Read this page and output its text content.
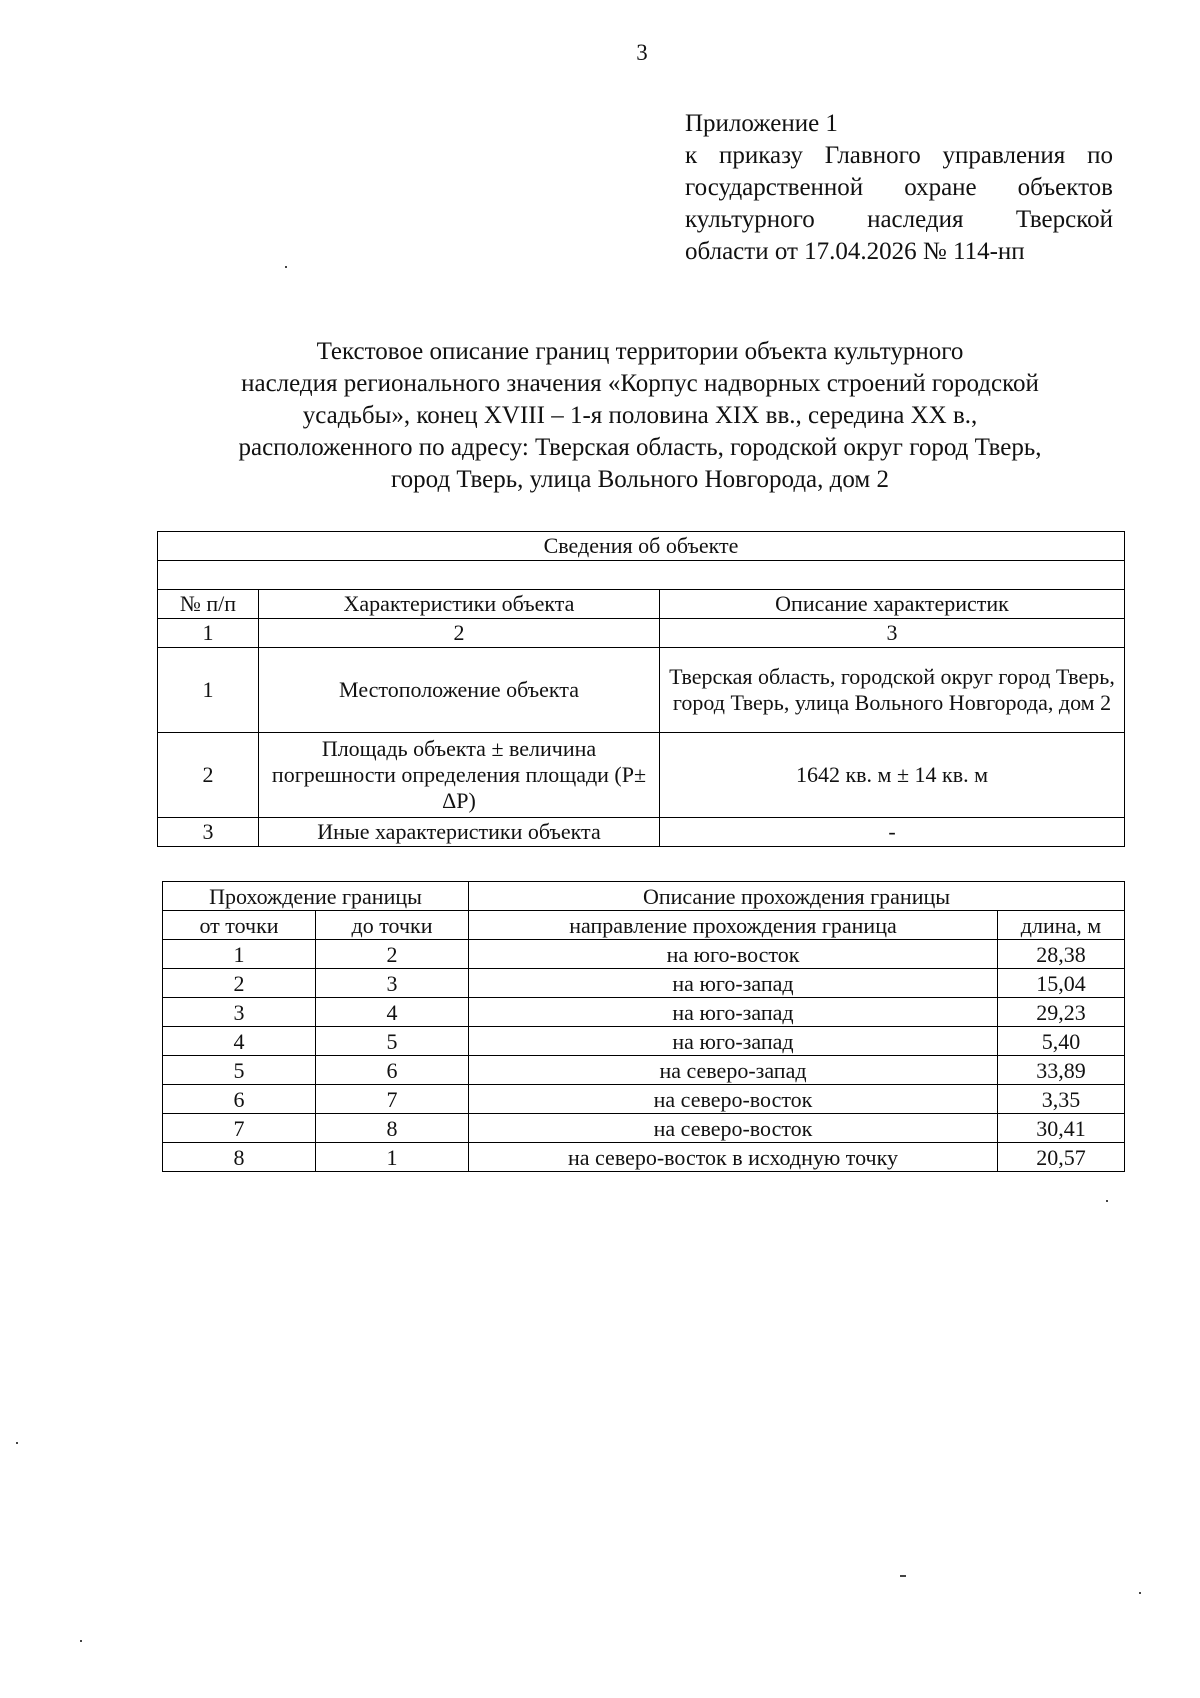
3
Приложение 1
к приказу Главного управления по
государственной охране объектов
культурного наследия Тверской
области от 17.04.2026 № 114-нп
Текстовое описание границ территории объекта культурного
наследия регионального значения «Корпус надворных строений городской
усадьбы», конец XVIII – 1-я половина XIX вв., середина XX в.,
расположенного по адресу: Тверская область, городской округ город Тверь,
город Тверь, улица Вольного Новгорода, дом 2
Сведения об объекте		

№ п/п	Характеристики объекта	Описание характеристик
1	2	3
1	Местоположение объекта	Тверская область, городской округ город Тверь, город Тверь, улица Вольного Новгорода, дом 2
2	Площадь объекта ± величина погрешности определения площади (P± ΔP)	1642 кв. м ± 14 кв. м
3	Иные характеристики объекта	-
Прохождение границы		Описание прохождения границы	
от точки	до точки	направление прохождения граница	длина, м
1	2	на юго-восток	28,38
2	3	на юго-запад	15,04
3	4	на юго-запад	29,23
4	5	на юго-запад	5,40
5	6	на северо-запад	33,89
6	7	на северо-восток	3,35
7	8	на северо-восток	30,41
8	1	на северо-восток в исходную точку	20,57
